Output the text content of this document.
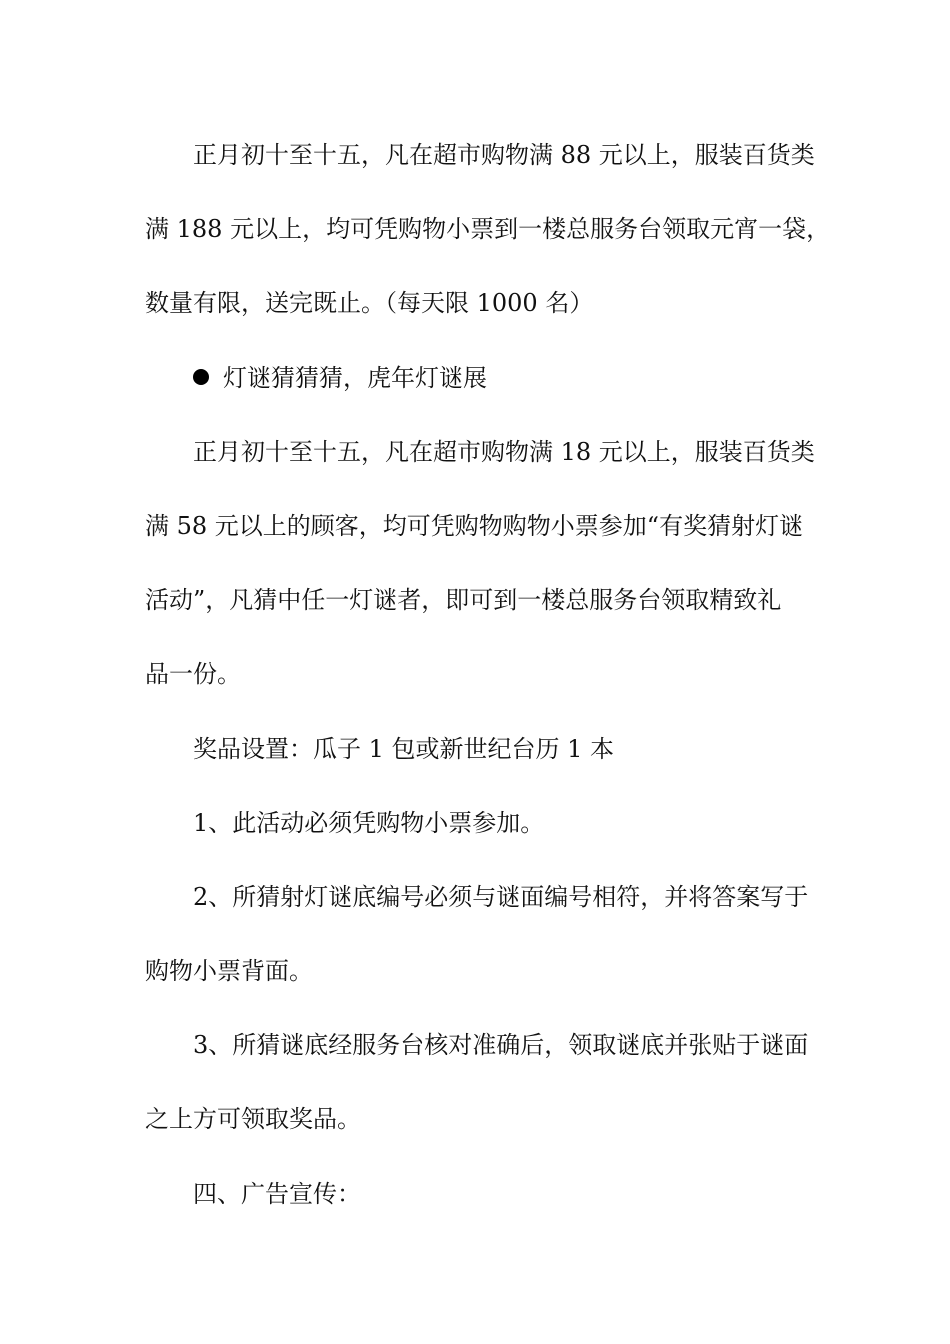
正月初十至十五，凡在超市购物满 88 元以上，服装百货类
满 188 元以上，均可凭购物小票到一楼总服务台领取元宵一袋，
数量有限，送完既止。（每天限 1000 名）
灯谜猜猜猜，虎年灯谜展
正月初十至十五，凡在超市购物满 18 元以上，服装百货类
满 58 元以上的顾客，均可凭购物购物小票参加“有奖猜射灯谜
活动”，凡猜中任一灯谜者，即可到一楼总服务台领取精致礼
品一份。
奖品设置：瓜子 1 包或新世纪台历 1 本
1、此活动必须凭购物小票参加。
2、所猜射灯谜底编号必须与谜面编号相符，并将答案写于
购物小票背面。
3、所猜谜底经服务台核对准确后，领取谜底并张贴于谜面
之上方可领取奖品。
四、广告宣传：
